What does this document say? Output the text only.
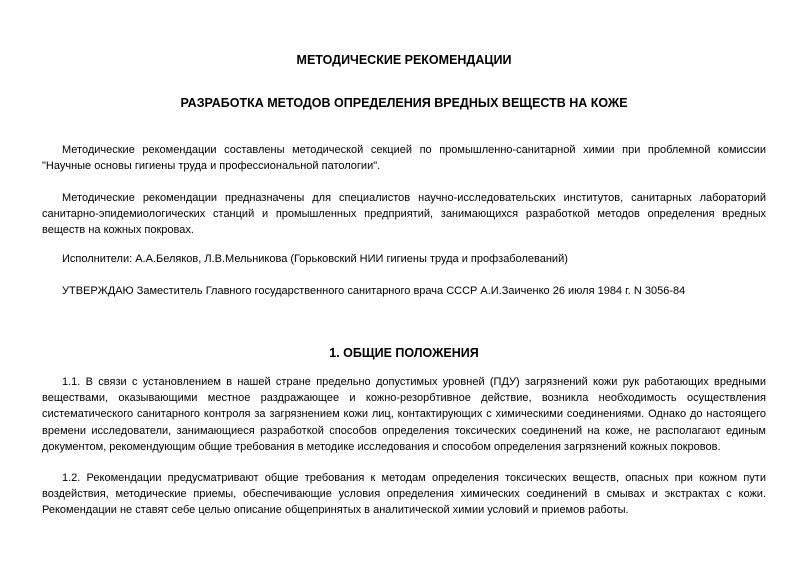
МЕТОДИЧЕСКИЕ РЕКОМЕНДАЦИИ
РАЗРАБОТКА МЕТОДОВ ОПРЕДЕЛЕНИЯ ВРЕДНЫХ ВЕЩЕСТВ НА КОЖЕ

Методические рекомендации составлены методической секцией по промышленно-санитарной химии при проблемной комиссии "Научные основы гигиены труда и профессиональной патологии".

Методические рекомендации предназначены для специалистов научно-исследовательских институтов, санитарных лабораторий санитарно-эпидемиологических станций и промышленных предприятий, занимающихся разработкой методов определения вредных веществ на кожных покровах.

Исполнители: А.А.Беляков, Л.В.Мельникова (Горьковский НИИ гигиены труда и профзаболеваний)

УТВЕРЖДАЮ Заместитель Главного государственного санитарного врача СССР А.И.Заиченко 26 июля 1984 г. N 3056-84

1. ОБЩИЕ ПОЛОЖЕНИЯ

1.1. В связи с установлением в нашей стране предельно допустимых уровней (ПДУ) загрязнений кожи рук работающих вредными веществами, оказывающими местное раздражающее и кожно-резорбтивное действие, возникла необходимость осуществления систематического санитарного контроля за загрязнением кожи лиц, контактирующих с химическими соединениями. Однако до настоящего времени исследователи, занимающиеся разработкой способов определения токсических соединений на коже, не располагают единым документом, рекомендующим общие требования в методике исследования и способом определения загрязнений кожных покровов.

1.2. Рекомендации предусматривают общие требования к методам определения токсических веществ, опасных при кожном пути воздействия, методические приемы, обеспечивающие условия определения химических соединений в смывах и экстрактах с кожи. Рекомендации не ставят себе целью описание общепринятых в аналитической химии условий и приемов работы.
